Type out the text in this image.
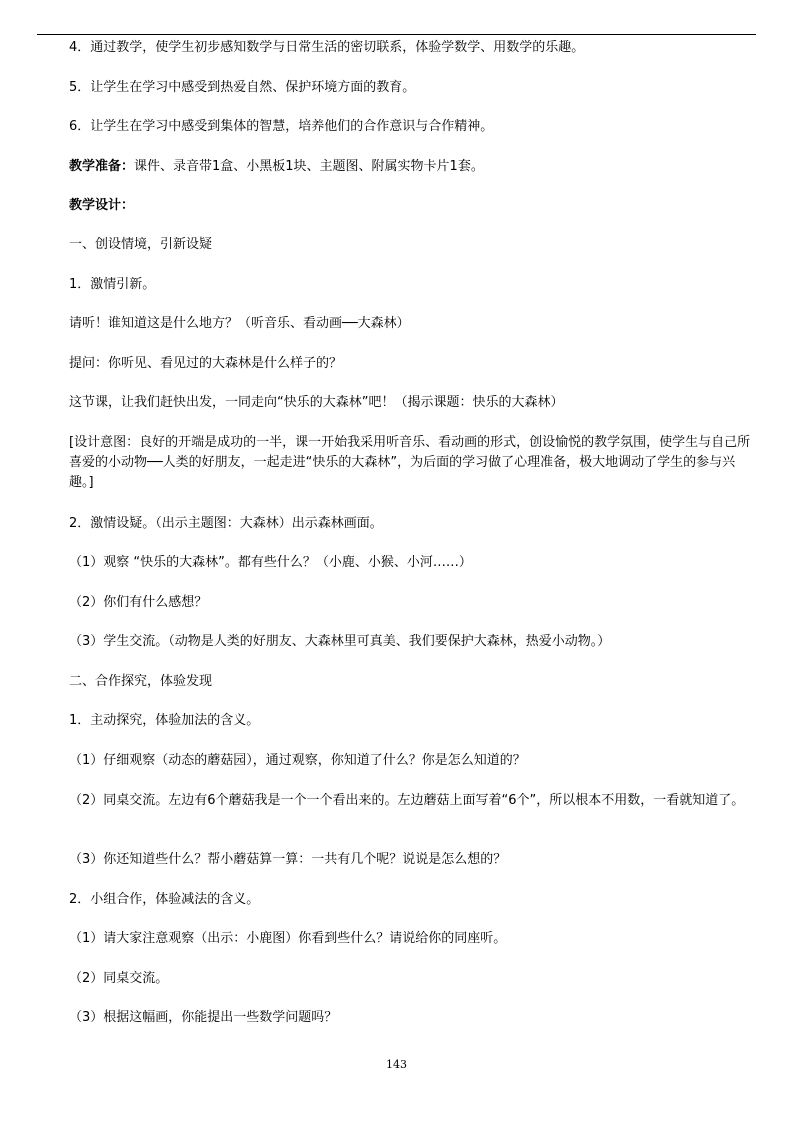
4．通过教学，使学生初步感知数学与日常生活的密切联系，体验学数学、用数学的乐趣。
5．让学生在学习中感受到热爱自然、保护环境方面的教育。
6．让学生在学习中感受到集体的智慧，培养他们的合作意识与合作精神。
教学准备：课件、录音带1盒、小黑板1块、主题图、附属实物卡片1套。
教学设计：
一、创设情境，引新设疑
1．激情引新。
请听！谁知道这是什么地方？（听音乐、看动画──大森林）
提问：你听见、看见过的大森林是什么样子的？
这节课，让我们赶快出发，一同走向“快乐的大森林”吧！（揭示课题：快乐的大森林）
[设计意图：良好的开端是成功的一半，课一开始我采用听音乐、看动画的形式，创设愉悦的教学氛围，使学生与自己所喜爱的小动物──人类的好朋友，一起走进“快乐的大森林”，为后面的学习做了心理准备，极大地调动了学生的参与兴趣。]
2．激情设疑。（出示主题图：大森林）出示森林画面。
（1）观察 “快乐的大森林”。都有些什么？（小鹿、小猴、小河……）
（2）你们有什么感想？
（3）学生交流。（动物是人类的好朋友、大森林里可真美、我们要保护大森林，热爱小动物。）
二、合作探究，体验发现
1．主动探究，体验加法的含义。
（1）仔细观察（动态的蘑菇园），通过观察，你知道了什么？你是怎么知道的？
（2）同桌交流。左边有6个蘑菇我是一个一个看出来的。左边蘑菇上面写着“6个”，所以根本不用数，一看就知道了。
（3）你还知道些什么？帮小蘑菇算一算：一共有几个呢？说说是怎么想的？
2．小组合作，体验减法的含义。
（1）请大家注意观察（出示：小鹿图）你看到些什么？请说给你的同座听。
（2）同桌交流。
（3）根据这幅画，你能提出一些数学问题吗？
143
